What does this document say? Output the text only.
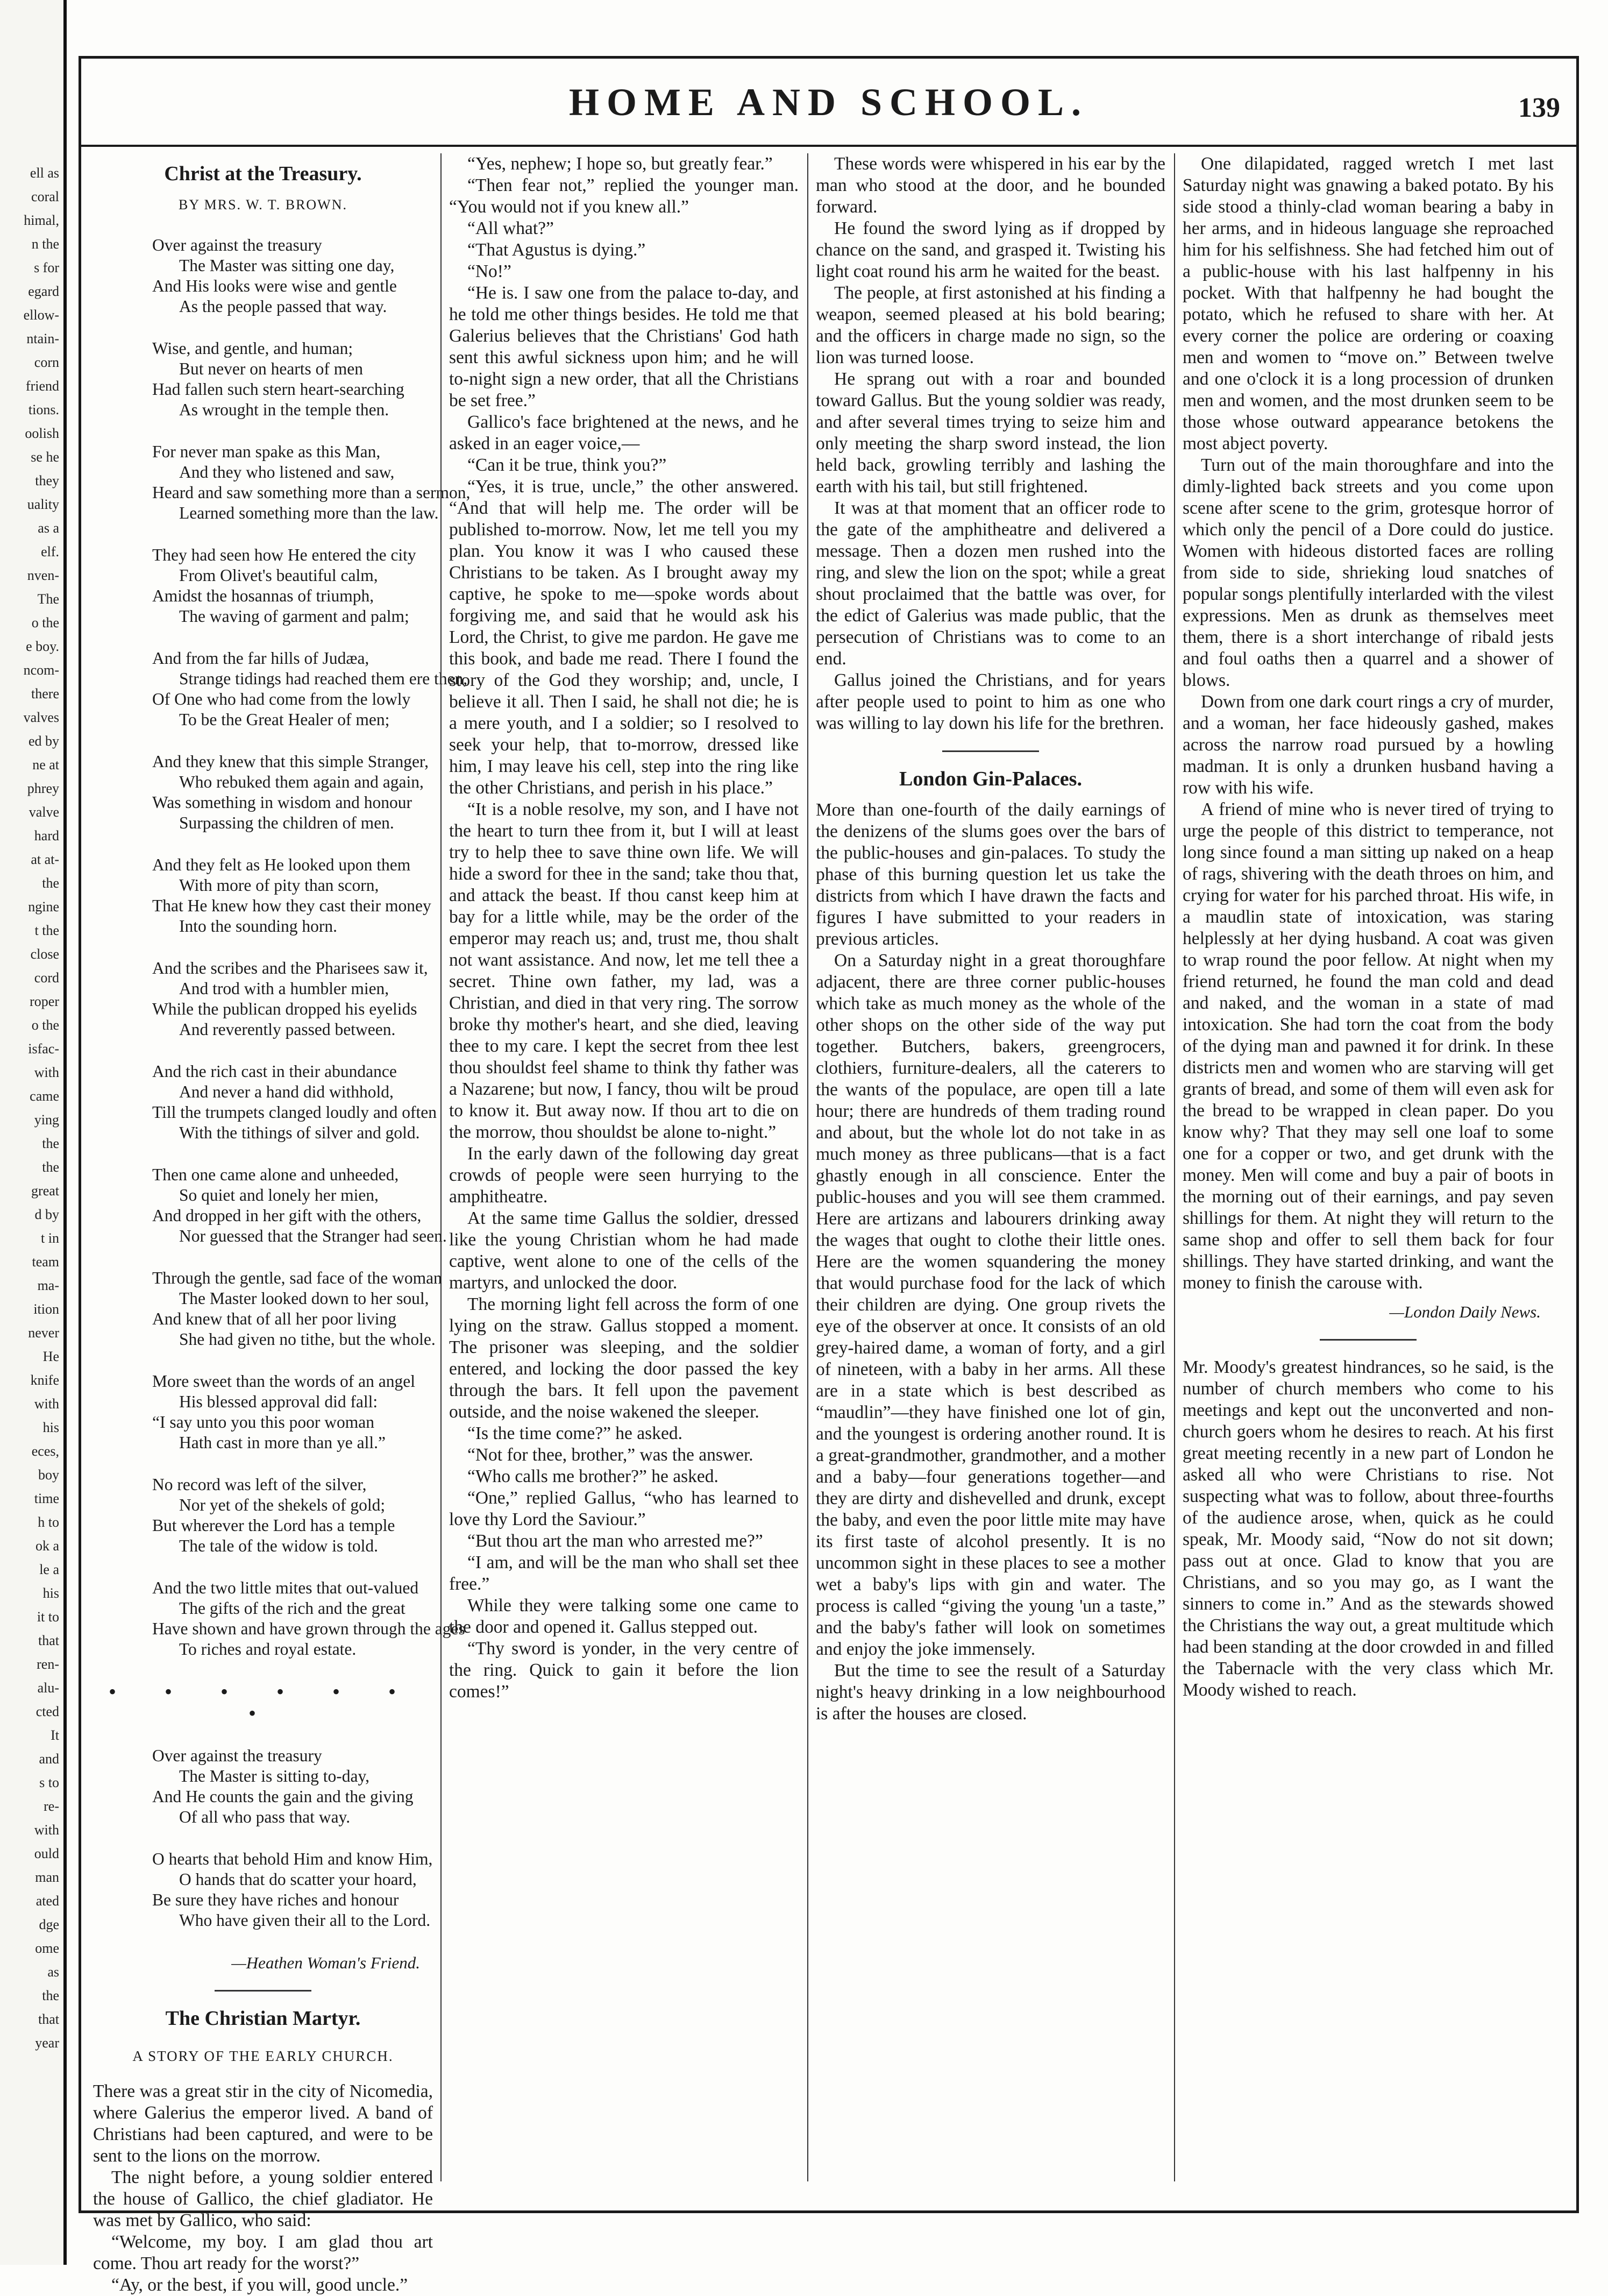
ell as
coral
himal,
n the
s for
egard
ellow-
ntain-
corn
friend
tions.
oolish
se he
they
uality
as a
elf.
nven-
The
o the
e boy.
ncom-
there
valves
ed by
ne at
phrey
valve
hard
at at-
the
ngine
t the
close
cord
roper
o the
isfac-
with
came
ying
the
the
great
d by
t in
team
ma-
ition
never
He
knife
with
his
eces,
boy
time
h to
ok a
le a
his
it to
that
ren-
alu-
cted
It
and
s to
re-
with
ould
man
ated
dge
ome
as
the
that
year
HOME AND SCHOOL.	139
Christ at the Treasury.
BY MRS. W. T. BROWN.
Over against the treasury
The Master was sitting one day,
And His looks were wise and gentle
As the people passed that way.
Wise, and gentle, and human;
But never on hearts of men
Had fallen such stern heart-searching
As wrought in the temple then.
For never man spake as this Man,
And they who listened and saw,
Heard and saw something more than a sermon,
Learned something more than the law.
They had seen how He entered the city
From Olivet's beautiful calm,
Amidst the hosannas of triumph,
The waving of garment and palm;
And from the far hills of Judæa,
Strange tidings had reached them ere then,
Of One who had come from the lowly
To be the Great Healer of men;
And they knew that this simple Stranger,
Who rebuked them again and again,
Was something in wisdom and honour
Surpassing the children of men.
And they felt as He looked upon them
With more of pity than scorn,
That He knew how they cast their money
Into the sounding horn.
And the scribes and the Pharisees saw it,
And trod with a humbler mien,
While the publican dropped his eyelids
And reverently passed between.
And the rich cast in their abundance
And never a hand did withhold,
Till the trumpets clanged loudly and often
With the tithings of silver and gold.
Then one came alone and unheeded,
So quiet and lonely her mien,
And dropped in her gift with the others,
Nor guessed that the Stranger had seen.
Through the gentle, sad face of the woman
The Master looked down to her soul,
And knew that of all her poor living
She had given no tithe, but the whole.
More sweet than the words of an angel
His blessed approval did fall:
“I say unto you this poor woman
Hath cast in more than ye all.”
No record was left of the silver,
Nor yet of the shekels of gold;
But wherever the Lord has a temple
The tale of the widow is told.
And the two little mites that out-valued
The gifts of the rich and the great
Have shown and have grown through the ages
To riches and royal estate.
• • • • • • •
Over against the treasury
The Master is sitting to-day,
And He counts the gain and the giving
Of all who pass that way.
O hearts that behold Him and know Him,
O hands that do scatter your hoard,
Be sure they have riches and honour
Who have given their all to the Lord.
—Heathen Woman's Friend.
The Christian Martyr.
A STORY OF THE EARLY CHURCH.

There was a great stir in the city of Nicomedia, where Galerius the emperor lived. A band of Christians had been captured, and were to be sent to the lions on the morrow.

The night before, a young soldier entered the house of Gallico, the chief gladiator. He was met by Gallico, who said:

“Welcome, my boy. I am glad thou art come. Thou art ready for the worst?”

“Ay, or the best, if you will, good uncle.”

“Yes, nephew; I hope so, but greatly fear.”

“Then fear not,” replied the younger man. “You would not if you knew all.”

“All what?”

“That Agustus is dying.”

“No!”

“He is. I saw one from the palace to-day, and he told me other things besides. He told me that Galerius believes that the Christians' God hath sent this awful sickness upon him; and he will to-night sign a new order, that all the Christians be set free.”

Gallico's face brightened at the news, and he asked in an eager voice,—

“Can it be true, think you?”

“Yes, it is true, uncle,” the other answered. “And that will help me. The order will be published to-morrow. Now, let me tell you my plan. You know it was I who caused these Christians to be taken. As I brought away my captive, he spoke to me—spoke words about forgiving me, and said that he would ask his Lord, the Christ, to give me pardon. He gave me this book, and bade me read. There I found the story of the God they worship; and, uncle, I believe it all. Then I said, he shall not die; he is a mere youth, and I a soldier; so I resolved to seek your help, that to-morrow, dressed like him, I may leave his cell, step into the ring like the other Christians, and perish in his place.”

“It is a noble resolve, my son, and I have not the heart to turn thee from it, but I will at least try to help thee to save thine own life. We will hide a sword for thee in the sand; take thou that, and attack the beast. If thou canst keep him at bay for a little while, may be the order of the emperor may reach us; and, trust me, thou shalt not want assistance. And now, let me tell thee a secret. Thine own father, my lad, was a Christian, and died in that very ring. The sorrow broke thy mother's heart, and she died, leaving thee to my care. I kept the secret from thee lest thou shouldst feel shame to think thy father was a Nazarene; but now, I fancy, thou wilt be proud to know it. But away now. If thou art to die on the morrow, thou shouldst be alone to-night.”

In the early dawn of the following day great crowds of people were seen hurrying to the amphitheatre.

At the same time Gallus the soldier, dressed like the young Christian whom he had made captive, went alone to one of the cells of the martyrs, and unlocked the door.

The morning light fell across the form of one lying on the straw. Gallus stopped a moment. The prisoner was sleeping, and the soldier entered, and locking the door passed the key through the bars. It fell upon the pavement outside, and the noise wakened the sleeper.

“Is the time come?” he asked.

“Not for thee, brother,” was the answer.

“Who calls me brother?” he asked.

“One,” replied Gallus, “who has learned to love thy Lord the Saviour.”

“But thou art the man who arrested me?”

“I am, and will be the man who shall set thee free.”

While they were talking some one came to the door and opened it. Gallus stepped out.

“Thy sword is yonder, in the very centre of the ring. Quick to gain it before the lion comes!”

These words were whispered in his ear by the man who stood at the door, and he bounded forward.

He found the sword lying as if dropped by chance on the sand, and grasped it. Twisting his light coat round his arm he waited for the beast.

The people, at first astonished at his finding a weapon, seemed pleased at his bold bearing; and the officers in charge made no sign, so the lion was turned loose.

He sprang out with a roar and bounded toward Gallus. But the young soldier was ready, and after several times trying to seize him and only meeting the sharp sword instead, the lion held back, growling terribly and lashing the earth with his tail, but still frightened.

It was at that moment that an officer rode to the gate of the amphitheatre and delivered a message. Then a dozen men rushed into the ring, and slew the lion on the spot; while a great shout proclaimed that the battle was over, for the edict of Galerius was made public, that the persecution of Christians was to come to an end.

Gallus joined the Christians, and for years after people used to point to him as one who was willing to lay down his life for the brethren.

London Gin-Palaces.

More than one-fourth of the daily earnings of the denizens of the slums goes over the bars of the public-houses and gin-palaces. To study the phase of this burning question let us take the districts from which I have drawn the facts and figures I have submitted to your readers in previous articles.

On a Saturday night in a great thoroughfare adjacent, there are three corner public-houses which take as much money as the whole of the other shops on the other side of the way put together. Butchers, bakers, greengrocers, clothiers, furniture-dealers, all the caterers to the wants of the populace, are open till a late hour; there are hundreds of them trading round and about, but the whole lot do not take in as much money as three publicans—that is a fact ghastly enough in all conscience. Enter the public-houses and you will see them crammed. Here are artizans and labourers drinking away the wages that ought to clothe their little ones. Here are the women squandering the money that would purchase food for the lack of which their children are dying. One group rivets the eye of the observer at once. It consists of an old grey-haired dame, a woman of forty, and a girl of nineteen, with a baby in her arms. All these are in a state which is best described as “maudlin”—they have finished one lot of gin, and the youngest is ordering another round. It is a great-grandmother, grandmother, and a mother and a baby—four generations together—and they are dirty and dishevelled and drunk, except the baby, and even the poor little mite may have its first taste of alcohol presently. It is no uncommon sight in these places to see a mother wet a baby's lips with gin and water. The process is called “giving the young 'un a taste,” and the baby's father will look on sometimes and enjoy the joke immensely.

But the time to see the result of a Saturday night's heavy drinking in a low neighbourhood is after the houses are closed.

One dilapidated, ragged wretch I met last Saturday night was gnawing a baked potato. By his side stood a thinly-clad woman bearing a baby in her arms, and in hideous language she reproached him for his selfishness. She had fetched him out of a public-house with his last halfpenny in his pocket. With that halfpenny he had bought the potato, which he refused to share with her. At every corner the police are ordering or coaxing men and women to “move on.” Between twelve and one o'clock it is a long procession of drunken men and women, and the most drunken seem to be those whose outward appearance betokens the most abject poverty.

Turn out of the main thoroughfare and into the dimly-lighted back streets and you come upon scene after scene to the grim, grotesque horror of which only the pencil of a Dore could do justice. Women with hideous distorted faces are rolling from side to side, shrieking loud snatches of popular songs plentifully interlarded with the vilest expressions. Men as drunk as themselves meet them, there is a short interchange of ribald jests and foul oaths then a quarrel and a shower of blows.

Down from one dark court rings a cry of murder, and a woman, her face hideously gashed, makes across the narrow road pursued by a howling madman. It is only a drunken husband having a row with his wife.

A friend of mine who is never tired of trying to urge the people of this district to temperance, not long since found a man sitting up naked on a heap of rags, shivering with the death throes on him, and crying for water for his parched throat. His wife, in a maudlin state of intoxication, was staring helplessly at her dying husband. A coat was given to wrap round the poor fellow. At night when my friend returned, he found the man cold and dead and naked, and the woman in a state of mad intoxication. She had torn the coat from the body of the dying man and pawned it for drink. In these districts men and women who are starving will get grants of bread, and some of them will even ask for the bread to be wrapped in clean paper. Do you know why? That they may sell one loaf to some one for a copper or two, and get drunk with the money. Men will come and buy a pair of boots in the morning out of their earnings, and pay seven shillings for them. At night they will return to the same shop and offer to sell them back for four shillings. They have started drinking, and want the money to finish the carouse with.

—London Daily News.

Mr. Moody's greatest hindrances, so he said, is the number of church members who come to his meetings and kept out the unconverted and non-church goers whom he desires to reach. At his first great meeting recently in a new part of London he asked all who were Christians to rise. Not suspecting what was to follow, about three-fourths of the audience arose, when, quick as he could speak, Mr. Moody said, “Now do not sit down; pass out at once. Glad to know that you are Christians, and so you may go, as I want the sinners to come in.” And as the stewards showed the Christians the way out, a great multitude which had been standing at the door crowded in and filled the Tabernacle with the very class which Mr. Moody wished to reach.
